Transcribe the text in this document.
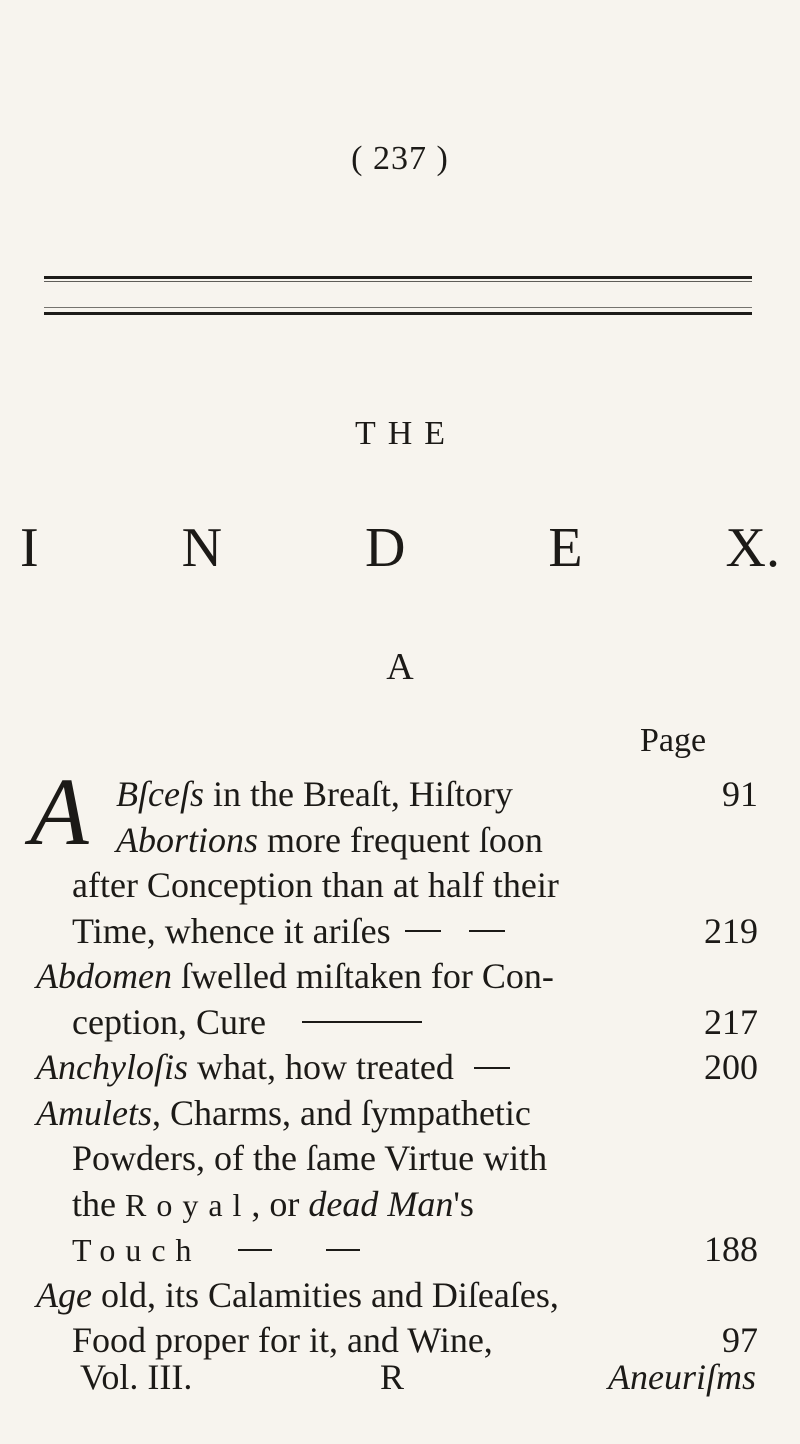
( 237 )
THE
I	N	D	E	X.
A
Page
A Bſceſs in the Breaſt, Hiſtory	91
Abortions more frequent ſoon
after Conception than at half their
Time, whence it ariſes	219
Abdomen ſwelled miſtaken for Con-
ception, Cure	217
Anchyloſis what, how treated	200
Amulets, Charms, and ſympathetic
Powders, of the ſame Virtue with
the Royal, or dead Man's
Touch	188
Age old, its Calamities and Diſeaſes,
Food proper for it, and Wine,	97
Vol. III.	R	Aneuriſms
